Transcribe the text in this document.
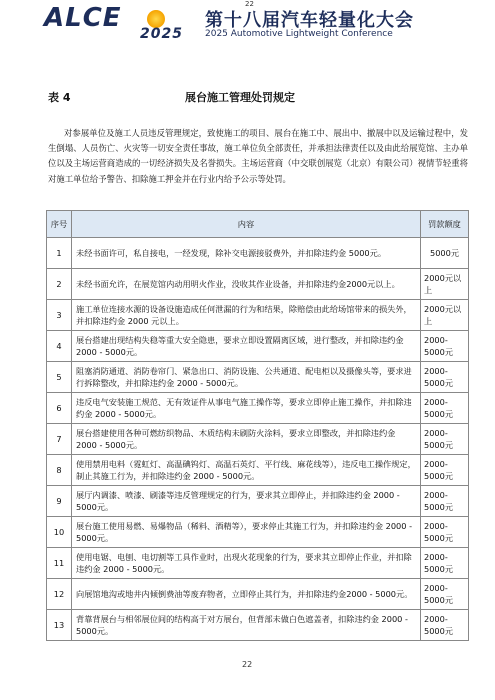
22
ALCE
2025
第十八届汽车轻量化大会
2025 Automotive Lightweight Conference
表 4	展台施工管理处罚规定
对参展单位及施工人员违反管理规定，致使施工的项目、展台在施工中、展出中、撤展中以及运输过程中，发生倒塌、人员伤亡、火灾等一切安全责任事故，施工单位负全部责任，并承担法律责任以及由此给展览馆、主办单位以及主场运营商造成的一切经济损失及名誉损失。主场运营商（中交联创展览（北京）有限公司）视情节轻重将对施工单位给予警告、扣除施工押金并在行业内给予公示等处罚。
序号	内容	罚款额度
1	未经书面许可，私自接电，一经发现，除补交电源接驳费外，并扣除违约金 5000元。	5000元
2	未经书面允许，在展览馆内动用明火作业，没收其作业设备，并扣除违约金2000元以上。	2000元以上
3	施工单位连接水源的设备设施造成任何泄漏的行为和结果，除赔偿由此给场馆带来的损失外，并扣除违约金 2000 元以上。	2000元以上
4	展台搭建出现结构失稳等重大安全隐患，要求立即设置隔离区域，进行整改，并扣除违约金 2000 - 5000元。	2000-5000元
5	阻塞消防通道、消防卷帘门、紧急出口、消防设施、公共通道、配电柜以及摄像头等，要求进行拆除整改，并扣除违约金 2000 - 5000元。	2000-5000元
6	违反电气安装施工规范、无有效证件从事电气施工操作等，要求立即停止施工操作，并扣除违约金 2000 - 5000元。	2000-5000元
7	展台搭建使用各种可燃纺织物品、木质结构未刷防火涂料，要求立即整改，并扣除违约金 2000 - 5000元。	2000-5000元
8	使用禁用电料（霓虹灯、高温碘钨灯、高温石英灯、平行线、麻花线等），违反电工操作规定，制止其施工行为，并扣除违约金 2000 - 5000元。	2000-5000元
9	展厅内调漆、喷漆、刷漆等违反管理规定的行为，要求其立即停止，并扣除违约金 2000 - 5000元。	2000-5000元
10	展台施工使用易燃、易爆物品（稀料、酒精等），要求停止其施工行为，并扣除违约金 2000 - 5000元。	2000-5000元
11	使用电锯、电刨、电切割等工具作业时，出现火花现象的行为，要求其立即停止作业，并扣除违约金 2000 - 5000元。	2000-5000元
12	向展馆地沟或地井内倾倒费油等废弃物者，立即停止其行为，并扣除违约金2000 - 5000元。	2000-5000元
13	背靠背展台与相邻展位间的结构高于对方展台，但背部未做白色遮盖者，扣除违约金 2000 - 5000元。	2000-5000元
22
